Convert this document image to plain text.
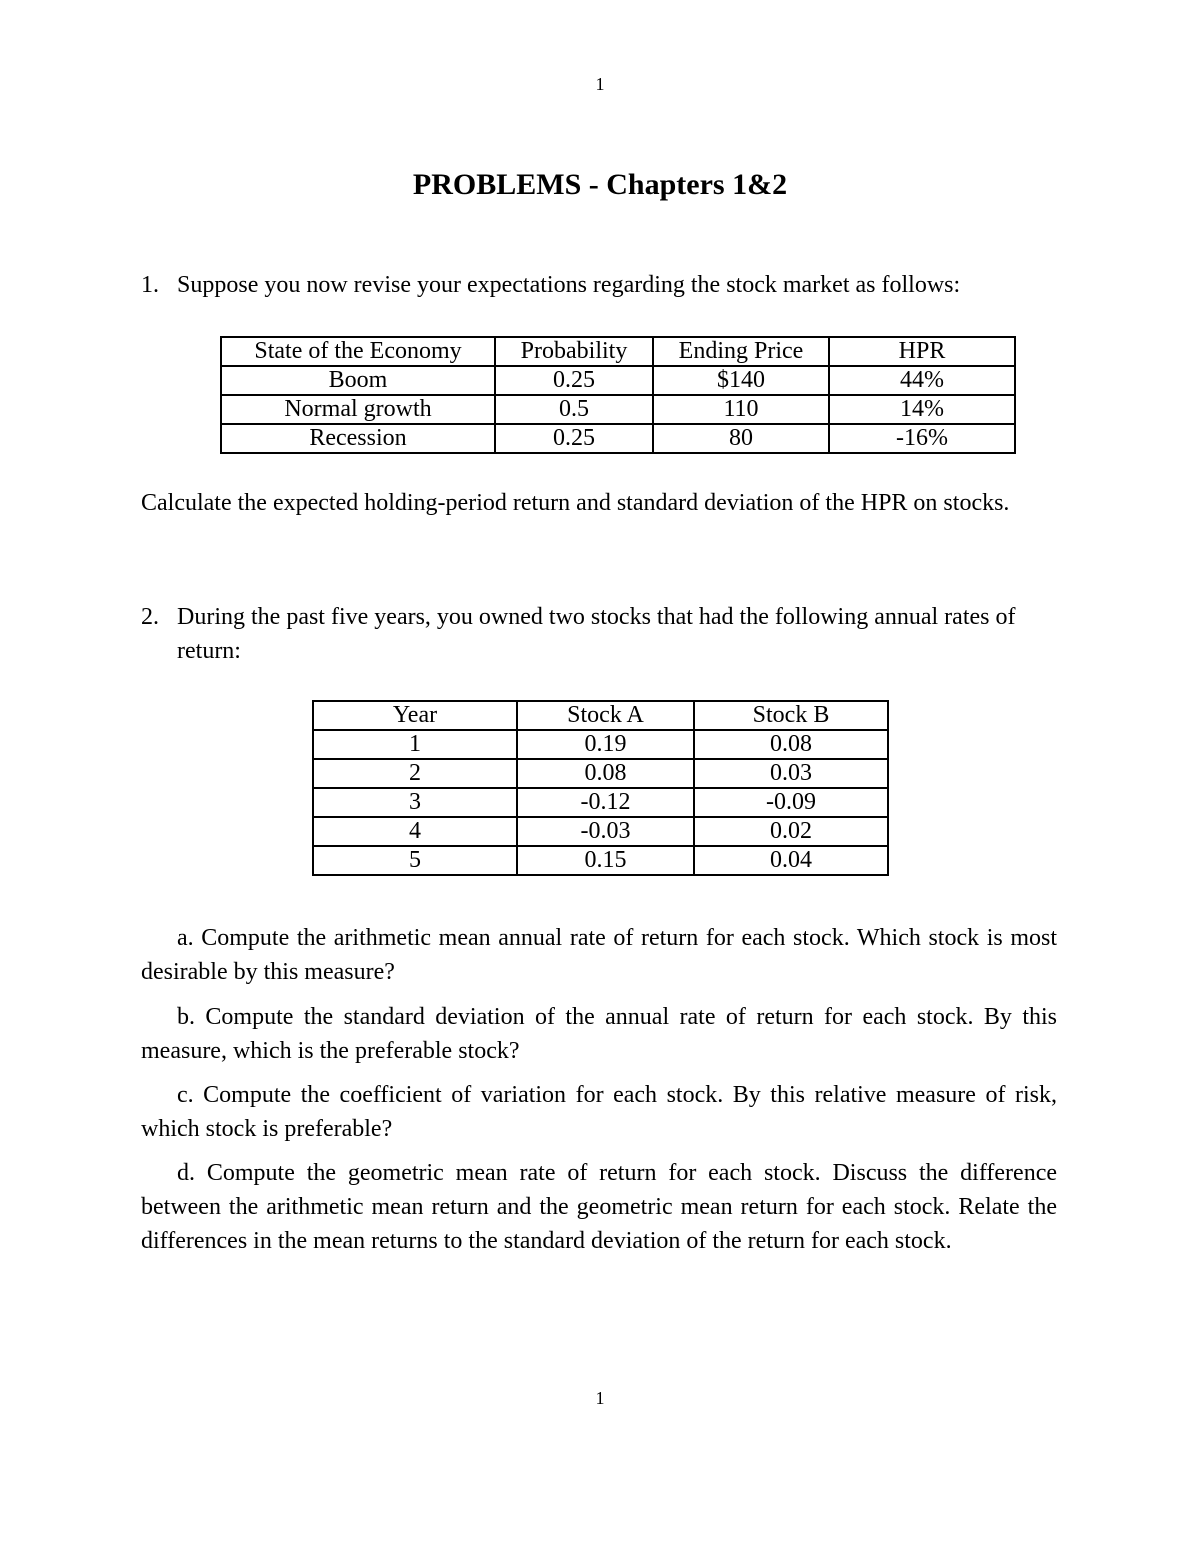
1
PROBLEMS - Chapters 1&2
1. Suppose you now revise your expectations regarding the stock market as follows:
State of the Economy	Probability	Ending Price	HPR
Boom	0.25	$140	44%
Normal growth	0.5	110	14%
Recession	0.25	80	-16%
Calculate the expected holding-period return and standard deviation of the HPR on stocks.
2. During the past five years, you owned two stocks that had the following annual rates of return:
Year	Stock A	Stock B
1	0.19	0.08
2	0.08	0.03
3	-0.12	-0.09
4	-0.03	0.02
5	0.15	0.04
a. Compute the arithmetic mean annual rate of return for each stock. Which stock is most desirable by this measure?
b. Compute the standard deviation of the annual rate of return for each stock. By this measure, which is the preferable stock?
c. Compute the coefficient of variation for each stock. By this relative measure of risk, which stock is preferable?
d. Compute the geometric mean rate of return for each stock. Discuss the difference between the arithmetic mean return and the geometric mean return for each stock. Relate the differences in the mean returns to the standard deviation of the return for each stock.
1
